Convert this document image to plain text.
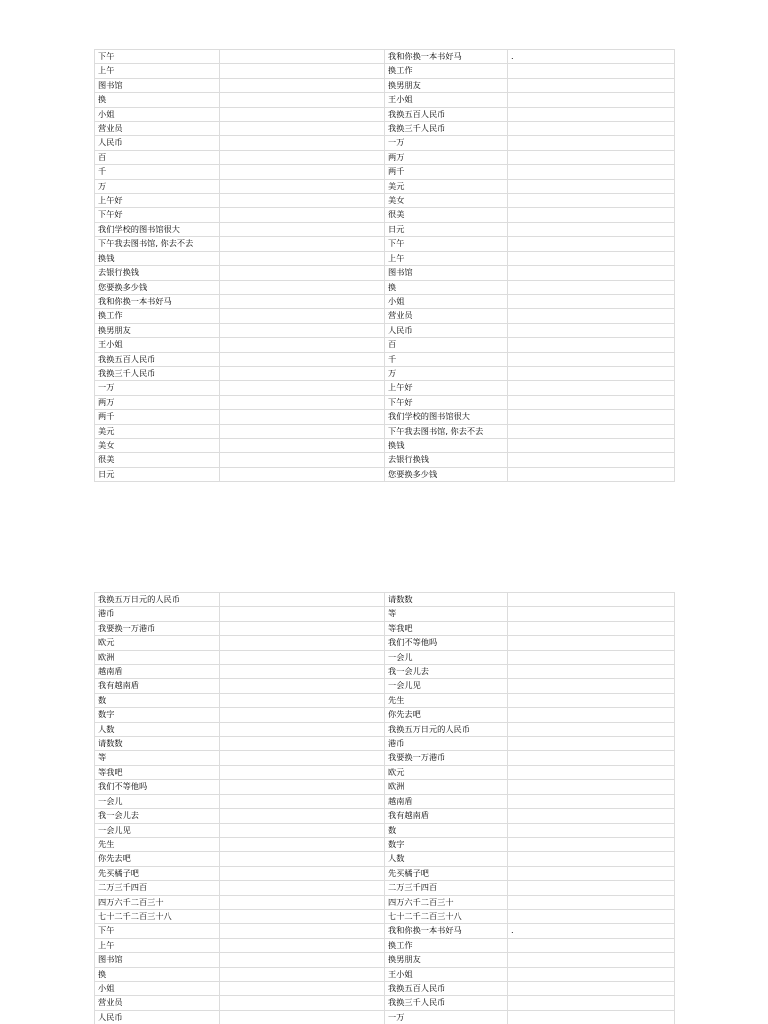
下午		我和你换一本书好马	.
上午		换工作	
图书馆		换男朋友	
换		王小姐	
小姐		我换五百人民币	
营业员		我换三千人民币	
人民币		一万	
百		两万	
千		两千	
万		美元	
上午好		美女	
下午好		很美	
我们学校的图书馆很大		日元	
下午我去图书馆, 你去不去		下午	
换钱		上午	
去银行换钱		图书馆	
您要换多少钱		换	
我和你换一本书好马		小姐	
换工作		营业员	
换男朋友		人民币	
王小姐		百	
我换五百人民币		千	
我换三千人民币		万	
一万		上午好	
两万		下午好	
两千		我们学校的图书馆很大	
美元		下午我去图书馆, 你去不去	
美女		换钱	
很美		去银行换钱	
日元		您要换多少钱	
我换五万日元的人民币		请数数	
港币		等	
我要换一万港币		等我吧	
欧元		我们不等他吗	
欧洲		一会儿	
越南盾		我一会儿去	
我有越南盾		一会儿见	
数		先生	
数字		你先去吧	
人数		我换五万日元的人民币	
请数数		港币	
等		我要换一万港币	
等我吧		欧元	
我们不等他吗		欧洲	
一会儿		越南盾	
我一会儿去		我有越南盾	
一会儿见		数	
先生		数字	
你先去吧		人数	
先买橘子吧		先买橘子吧	
二万三千四百		二万三千四百	
四万六千二百三十		四万六千二百三十	
七十二千二百三十八		七十二千二百三十八	
下午		我和你换一本书好马	.
上午		换工作	
图书馆		换男朋友	
换		王小姐	
小姐		我换五百人民币	
营业员		我换三千人民币	
人民币		一万	
